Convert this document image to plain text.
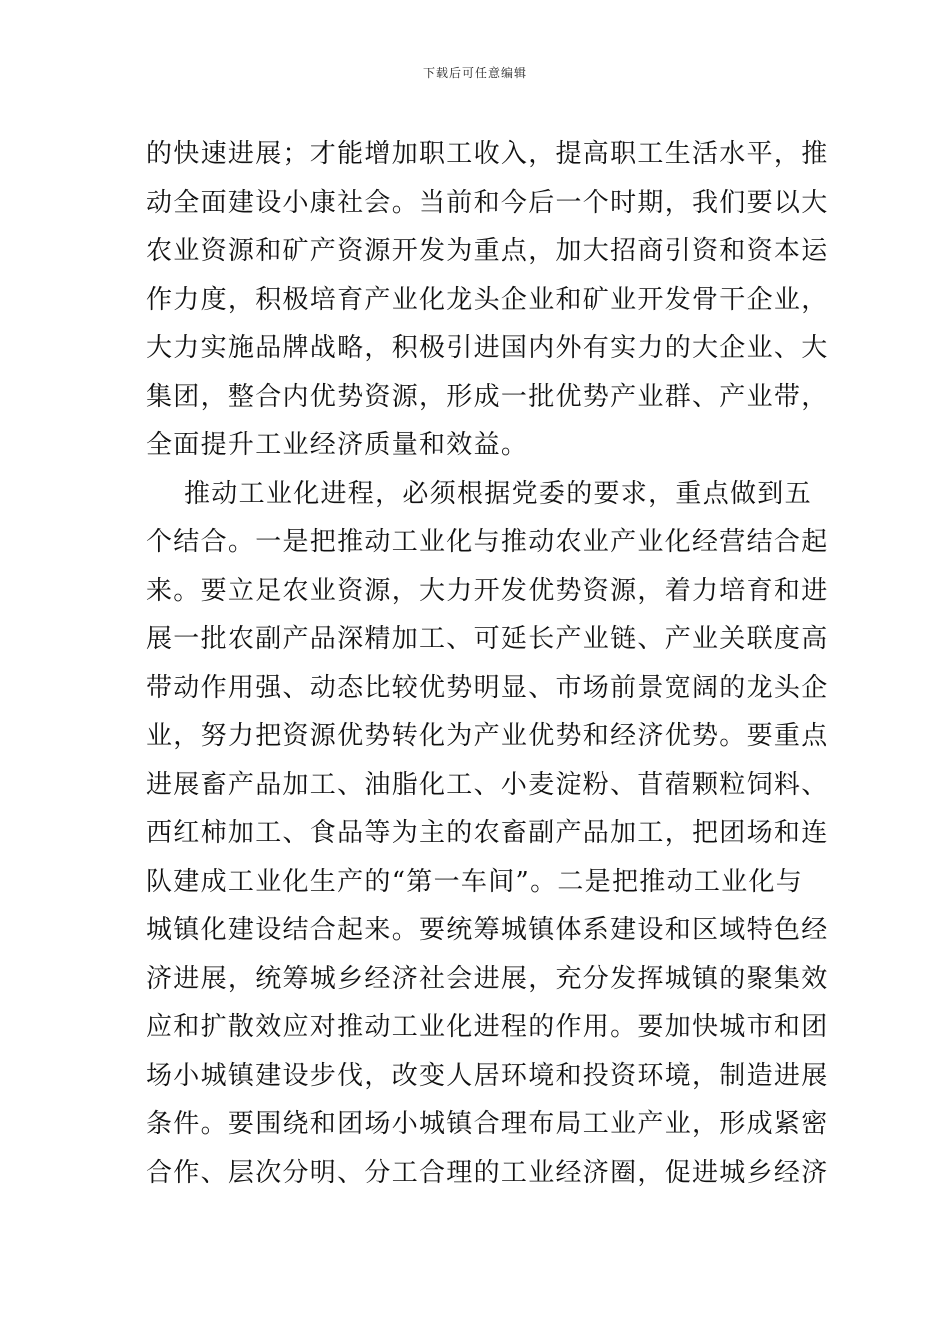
下载后可任意编辑
的快速进展；才能增加职工收入，提高职工生活水平，推
动全面建设小康社会。当前和今后一个时期，我们要以大
农业资源和矿产资源开发为重点，加大招商引资和资本运
作力度，积极培育产业化龙头企业和矿业开发骨干企业，
大力实施品牌战略，积极引进国内外有实力的大企业、大
集团，整合内优势资源，形成一批优势产业群、产业带，
全面提升工业经济质量和效益。
推动工业化进程，必须根据党委的要求，重点做到五
个结合。一是把推动工业化与推动农业产业化经营结合起
来。要立足农业资源，大力开发优势资源，着力培育和进
展一批农副产品深精加工、可延长产业链、产业关联度高
带动作用强、动态比较优势明显、市场前景宽阔的龙头企
业，努力把资源优势转化为产业优势和经济优势。要重点
进展畜产品加工、油脂化工、小麦淀粉、苜蓿颗粒饲料、
西红柿加工、食品等为主的农畜副产品加工，把团场和连
队建成工业化生产的“第一车间”。二是把推动工业化与
城镇化建设结合起来。要统筹城镇体系建设和区域特色经
济进展，统筹城乡经济社会进展，充分发挥城镇的聚集效
应和扩散效应对推动工业化进程的作用。要加快城市和团
场小城镇建设步伐，改变人居环境和投资环境，制造进展
条件。要围绕和团场小城镇合理布局工业产业，形成紧密
合作、层次分明、分工合理的工业经济圈，促进城乡经济
